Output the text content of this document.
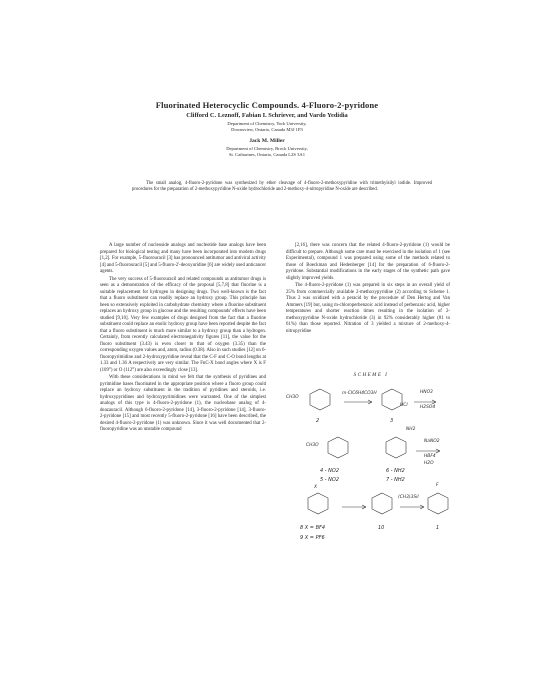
Fluorinated Heterocyclic Compounds. 4-Fluoro-2-pyridone
Clifford C. Leznoff, Fabian I. Schriever, and Vardo Yedidia
Department of Chemistry, York University,
Downsview, Ontario, Canada M3J 1P3
Jack M. Miller
Department of Chemistry, Brock University,
St. Catharines, Ontario, Canada L2S 3A1
The small analog, 4-fluoro-2-pyridone was synthesized by ether cleavage of 4-fluoro-2-methoxypyridine with trimethylsilyl iodide. Improved procedures for the preparation of 2-methoxypyridine N-oxide hydrochloride and 2-methoxy-4-nitropyridine N-oxide are described.

A large number of nucleoside analogs and nucleotide base analogs have been prepared for biological testing and many have been incorporated into modern drugs [1,2]. For example, 5-fluorouracil [3] has pronounced antitumor and antiviral activity [4] and 5-fluorouracil [5] and 5-fluoro-2'-deoxyuridine [6] are widely used anticancer agents.

The very success of 5-fluorouracil and related compounds as antitumor drugs is seen as a demonstration of the efficacy of the proposal [5,7,8] that fluorine is a suitable replacement for hydrogen in designing drugs. Two well-known is the fact that a fluoro substituent can readily replace an hydroxy group. This principle has been so extensively exploited in carbohydrate chemistry where a fluorine substituent replaces an hydroxy group in glucose and the resulting compounds' effects have been studied [9,10]. Very few examples of drugs designed from the fact that a fluorine substituent could replace an enolic hydroxy group have been reported despite the fact that a fluoro substituent is much more similar to a hydroxy group than a hydrogen. Certainly, from recently calculated electronegativity figures [11], the value for the fluoro substituent (3.43) is even closer to that of oxygen (3.35) than the corresponding oxygen values and, atom, radius (0.38). Also in such studies [12] on 6-fluoropyrimidine and 2-hydroxypyridine reveal that the C-F and C-O bond lengths at 1.33 and 1.36 A respectively are very similar. The FnC-X bond angles where X is F (109°) or O (112°) are also exceedingly close [13].

With these considerations in mind we felt that the synthesis of pyridines and pyrimidine bases fluorinated in the appropriate position where a fluoro group could replace an hydroxy substituent in the tradition of pyridines and steroids, i.e. hydroxypyridines and hydroxypyrimidines were warranted. One of the simplest analogs of this type is 4-fluoro-2-pyridone (1), the nucleobase analog of 4-deazauracil. Although 6-fluoro-2-pyridone [14], 3-fluoro-2-pyridone [14], 3-fluoro-2-pyridone [15] and most recently 5-fluoro-2-pyridone [16] have been described, the desired 4-fluoro-2-pyridone (1) was unknown. Since it was well documented that 2-fluoropyridine was an unstable compound

[2,16], there was concern that the related 4-fluoro-2-pyridone (1) would be difficult to prepare. Although some care must be exercised in the isolation of 1 (see Experimental), compound 1 was prepared using some of the methods related to those of Boeckman and Hedenberger [14] for the preparation of 6-fluoro-2-pyridone. Substantial modifications in the early stages of the synthetic path gave slightly improved yields.

The 4-fluoro-2-pyridone (1) was prepared in six steps in an overall yield of 25% from commercially available 2-methoxypyridine (2) according to Scheme 1. Thus 2 was oxidized with a peracid by the procedure of Den Hertog and Van Ammers [19] but, using m-chloroperbenzoic acid instead of perbenzoic acid, higher temperatures and shorter reaction times resulting in the isolation of 2-methoxypyridine N-oxide hydrochloride (3) in 92% considerably higher (81 to 61%) than those reported. Nitration of 3 yielded a mixture of 2-methoxy-4-nitropyridine

SCHEME I
CH3O
2
m-ClC6H4CO3H
HCl
3
HNO3
H2SO4
CH3O
4 - NO2
5 - NO2
NH2
6 - NH2
7 - NH2
NaNO2
HBF4
H2O
X
8 X = BF4
9 X = PF6
10
(CH3)3SiI
F
1
